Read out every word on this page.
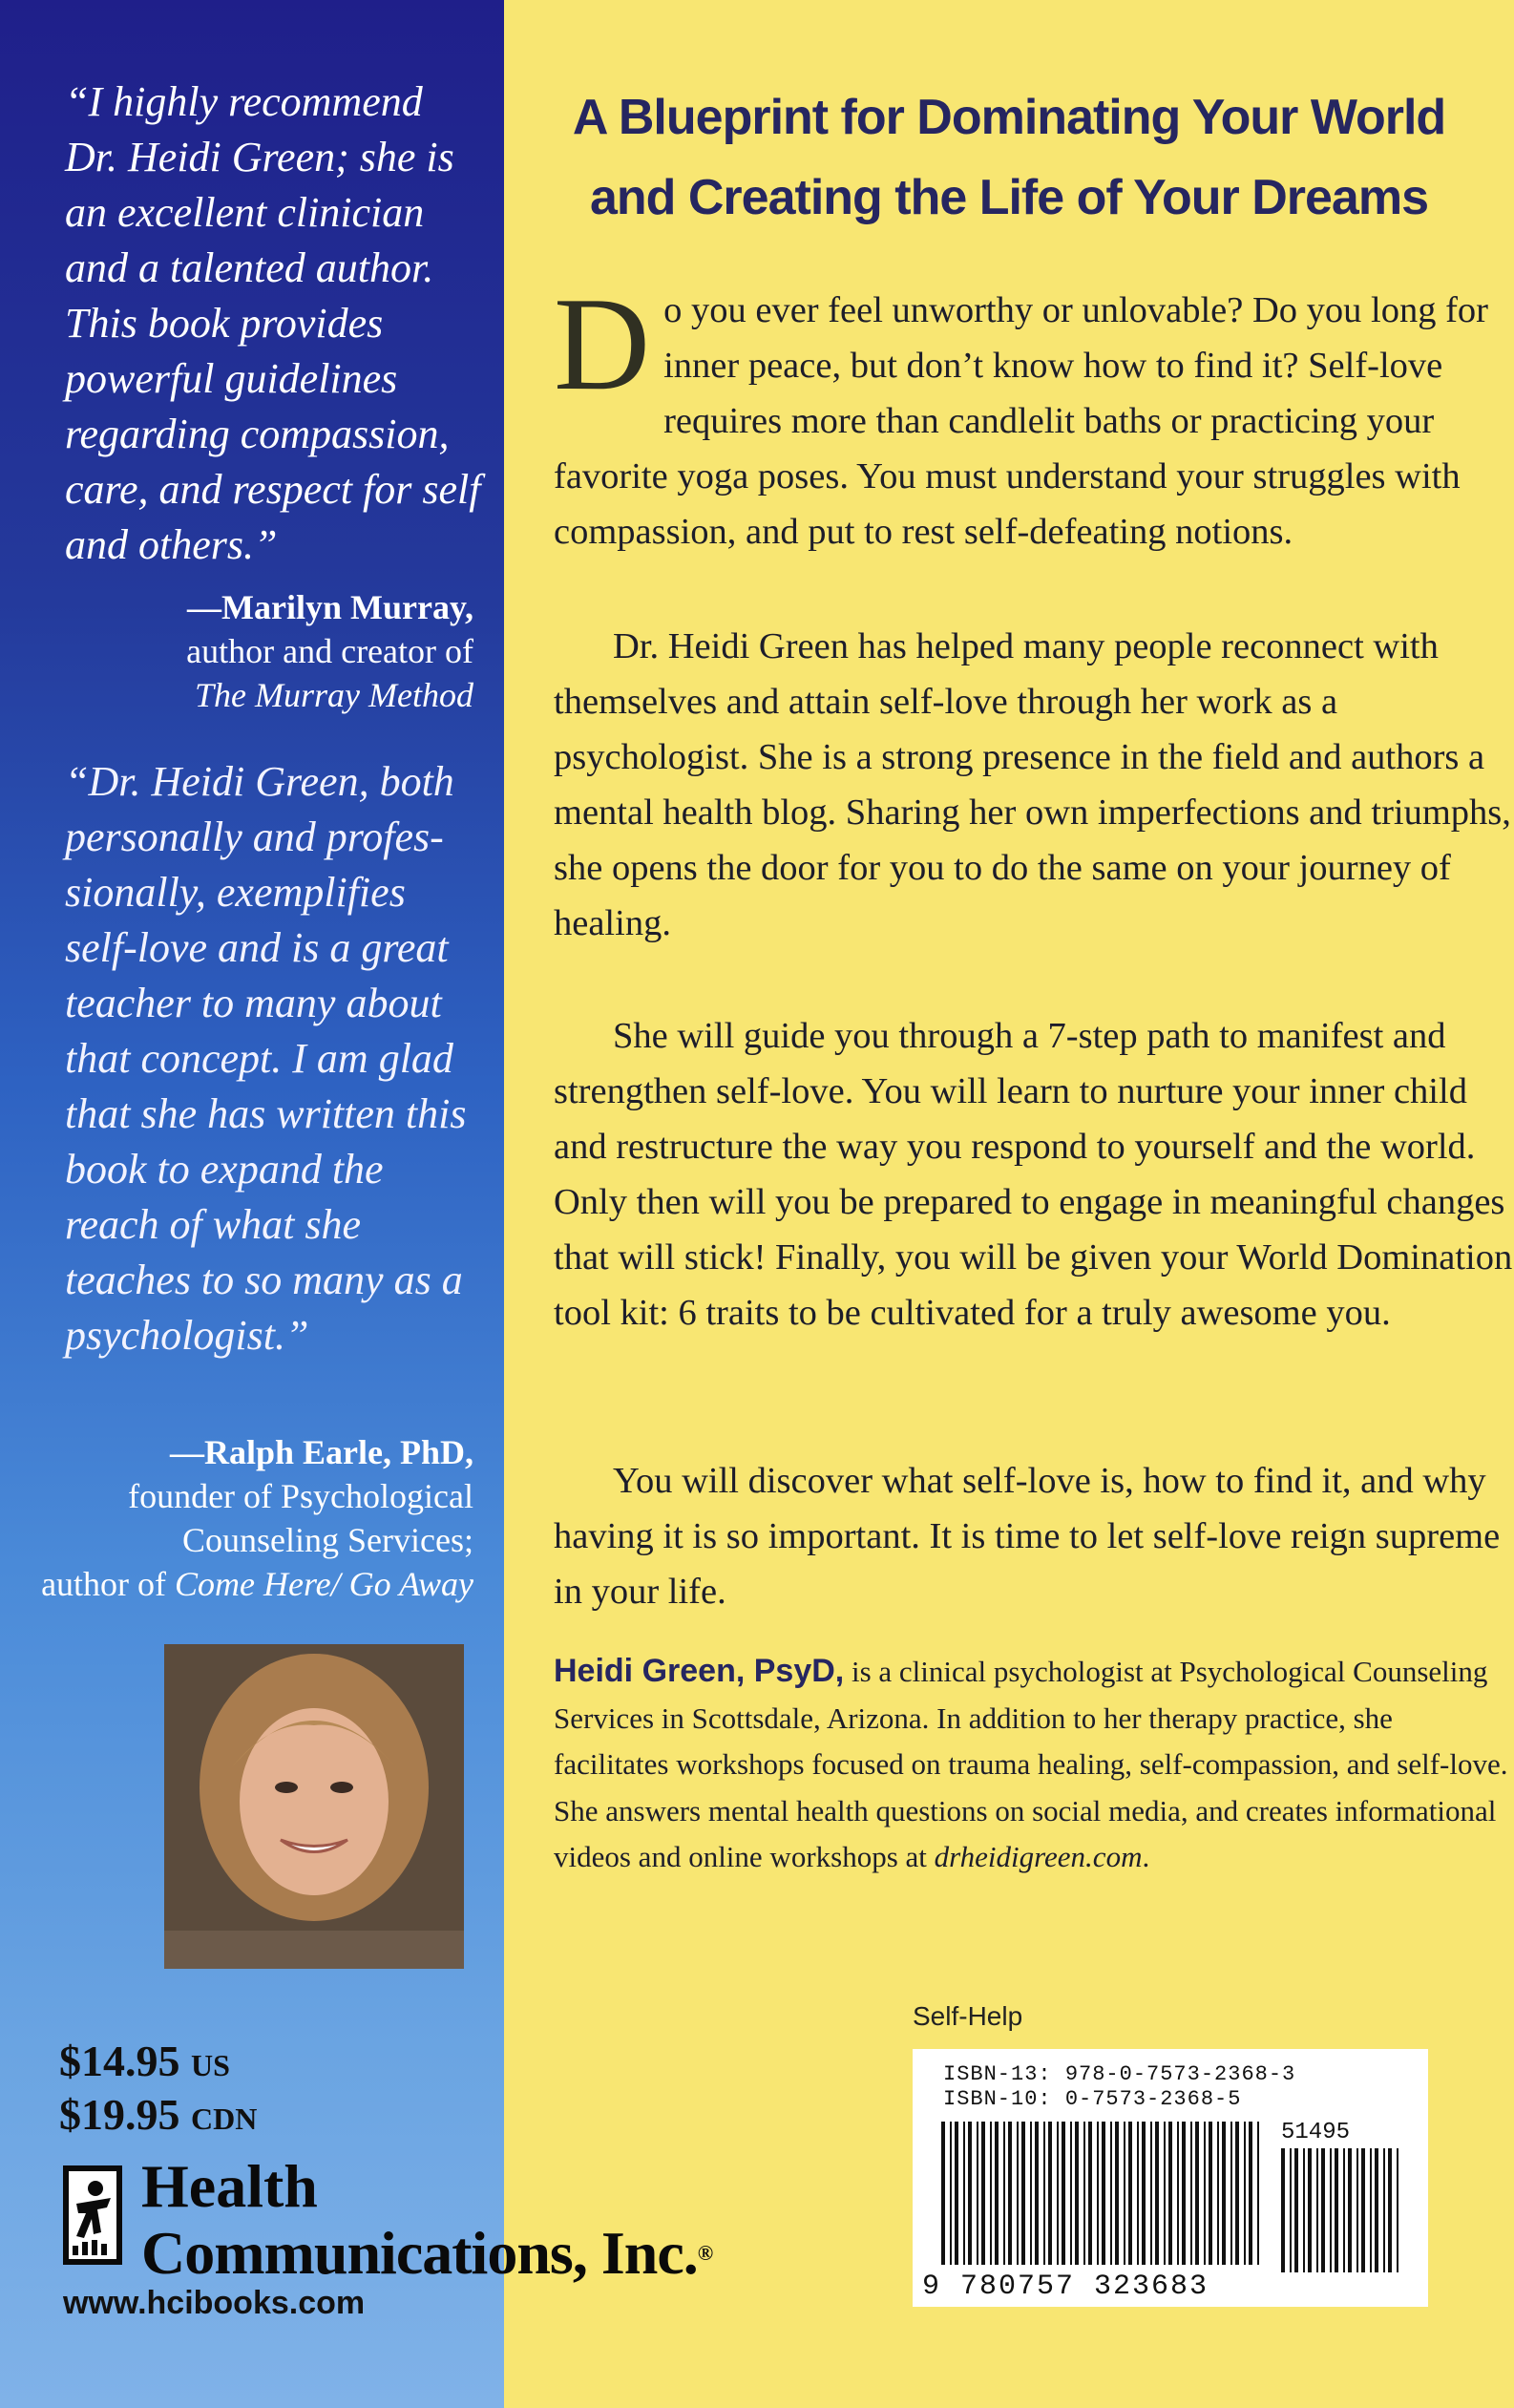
“I highly recommend Dr. Heidi Green; she is an excellent clinician and a talented author. This book provides powerful guidelines regarding compassion, care, and respect for self and others.”
—Marilyn Murray,
author and creator of
The Murray Method
“Dr. Heidi Green, both personally and profes-sionally, exemplifies self-love and is a great teacher to many about that concept. I am glad that she has written this book to expand the reach of what she teaches to so many as a psychologist.”
—Ralph Earle, PhD,
founder of Psychological
Counseling Services;
author of Come Here/ Go Away
$14.95 US
$19.95 CDN
Health
A Blueprint for Dominating Your World
and Creating the Life of Your Dreams
Do you ever feel unworthy or unlovable? Do you long for inner peace, but don’t know how to find it? Self-love requires more than candlelit baths or practicing your favorite yoga poses. You must understand your struggles with compassion, and put to rest self-defeating notions.

Dr. Heidi Green has helped many people reconnect with themselves and attain self-love through her work as a psychologist. She is a strong presence in the field and authors a mental health blog. Sharing her own imperfections and triumphs, she opens the door for you to do the same on your journey of healing.

She will guide you through a 7-step path to manifest and strengthen self-love. You will learn to nurture your inner child and restructure the way you respond to yourself and the world. Only then will you be prepared to engage in meaningful changes that will stick! Finally, you will be given your World Domination tool kit: 6 traits to be cultivated for a truly awesome you.

You will discover what self-love is, how to find it, and why having it is so important. It is time to let self-love reign supreme in your life.

Heidi Green, PsyD, is a clinical psychologist at Psychological Counseling Services in Scottsdale, Arizona. In addition to her therapy practice, she facilitates workshops focused on trauma healing, self-compassion, and self-love. She answers mental health questions on social media, and creates informational videos and online workshops at drheidigreen.com.
Self-Help
ISBN-13: 978-0-7573-2368-3
ISBN-10: 0-7573-2368-5
51495
9 780757 323683
Communications, Inc.®
www.hcibooks.com
